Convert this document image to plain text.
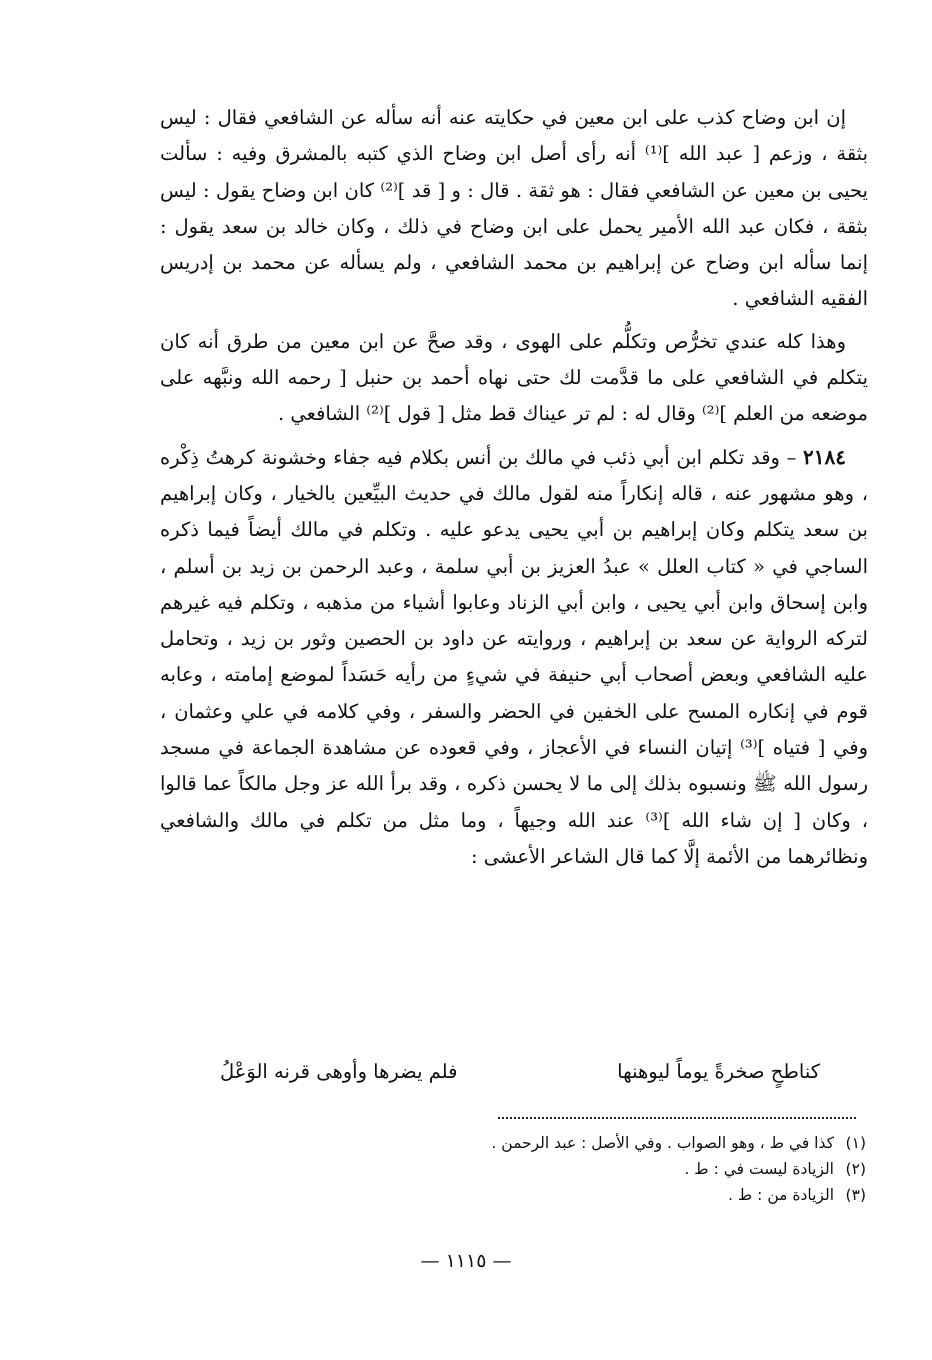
إن ابن وضاح كذب على ابن معين في حكايته عنه أنه سأله عن الشافعي فقال : ليس بثقة ، وزعم [ عبد الله ]⁽¹⁾ أنه رأى أصل ابن وضاح الذي كتبه بالمشرق وفيه : سألت يحيى بن معين عن الشافعي فقال : هو ثقة . قال : و [ قد ]⁽²⁾ كان ابن وضاح يقول : ليس بثقة ، فكان عبد الله الأمير يحمل على ابن وضاح في ذلك ، وكان خالد بن سعد يقول : إنما سأله ابن وضاح عن إبراهيم بن محمد الشافعي ، ولم يسأله عن محمد بن إدريس الفقيه الشافعي .

وهذا كله عندي تخرُّص وتكلُّم على الهوى ، وقد صحَّ عن ابن معين من طرق أنه كان يتكلم في الشافعي على ما قدَّمت لك حتى نهاه أحمد بن حنبل [ رحمه الله ونبَّهه على موضعه من العلم ]⁽²⁾ وقال له : لم تر عيناك قط مثل [ قول ]⁽²⁾ الشافعي .

٢١٨٤ – وقد تكلم ابن أبي ذئب في مالك بن أنس بكلام فيه جفاء وخشونة كرهتُ ذِكْره ، وهو مشهور عنه ، قاله إنكاراً منه لقول مالك في حديث البيِّعين بالخيار ، وكان إبراهيم بن سعد يتكلم وكان إبراهيم بن أبي يحيى يدعو عليه . وتكلم في مالك أيضاً فيما ذكره الساجي في « كتاب العلل » عبدُ العزيز بن أبي سلمة ، وعبد الرحمن بن زيد بن أسلم ، وابن إسحاق وابن أبي يحيى ، وابن أبي الزناد وعابوا أشياء من مذهبه ، وتكلم فيه غيرهم لتركه الرواية عن سعد بن إبراهيم ، وروايته عن داود بن الحصين وثور بن زيد ، وتحامل عليه الشافعي وبعض أصحاب أبي حنيفة في شيءٍ من رأيه حَسَداً لموضع إمامته ، وعابه قوم في إنكاره المسح على الخفين في الحضر والسفر ، وفي كلامه في علي وعثمان ، وفي [ فتياه ]⁽³⁾ إتيان النساء في الأعجاز ، وفي قعوده عن مشاهدة الجماعة في مسجد رسول الله ﷺ ونسبوه بذلك إلى ما لا يحسن ذكره ، وقد برأ الله عز وجل مالكاً عما قالوا ، وكان [ إن شاء الله ]⁽³⁾ عند الله وجيهاً ، وما مثل من تكلم في مالك والشافعي ونظائرهما من الأئمة إلَّا كما قال الشاعر الأعشى :

كناطحٍ صخرةً يوماً ليوهنها
فلم يضرها وأوهى قرنه الوَعْلُ
(١)
كذا في ط ، وهو الصواب . وفي الأصل : عبد الرحمن .
(٢)
الزيادة ليست في : ط .
(٣)
الزيادة من : ط .
— ١١١٥ —
